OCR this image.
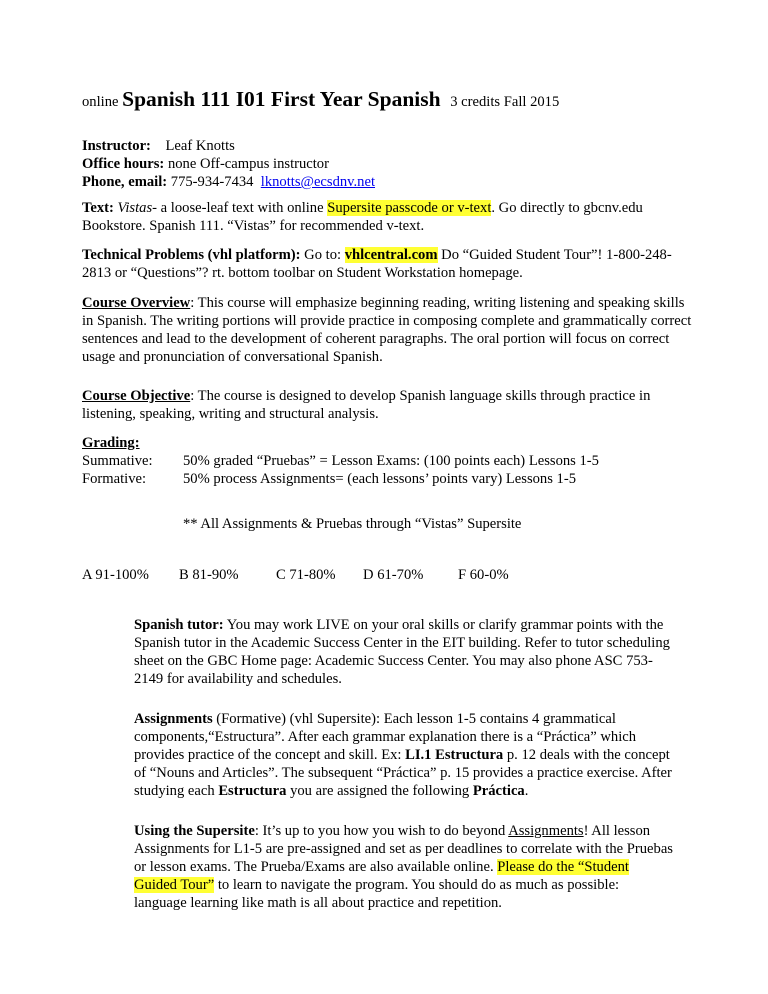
online Spanish 111 I01 First Year Spanish 3 credits Fall 2015

Instructor: Leaf Knotts

Office hours: none Off-campus instructor

Phone, email: 775-934-7434 lknotts@ecsdnv.net

Text: Vistas- a loose-leaf text with online Supersite passcode or v-text. Go directly to gbcnv.edu Bookstore. Spanish 111. “Vistas” for recommended v-text.

Technical Problems (vhl platform): Go to: vhlcentral.com Do “Guided Student Tour”! 1-800-248-2813 or “Questions”? rt. bottom toolbar on Student Workstation homepage.

Course Overview: This course will emphasize beginning reading, writing listening and speaking skills in Spanish. The writing portions will provide practice in composing complete and grammatically correct sentences and lead to the development of coherent paragraphs. The oral portion will focus on correct usage and pronunciation of conversational Spanish.

Course Objective: The course is designed to develop Spanish language skills through practice in listening, speaking, writing and structural analysis.

Grading:

Summative:	50% graded “Pruebas” = Lesson Exams: (100 points each) Lessons 1-5
Formative:	50% process Assignments= (each lessons’ points vary) Lessons 1-5

** All Assignments & Pruebas through “Vistas” Supersite

A 91-100% B 81-90%	C 71-80% D 61-70% F 60-0%

Spanish tutor: You may work LIVE on your oral skills or clarify grammar points with the Spanish tutor in the Academic Success Center in the EIT building. Refer to tutor scheduling sheet on the GBC Home page: Academic Success Center. You may also phone ASC 753-2149 for availability and schedules.

Assignments (Formative) (vhl Supersite): Each lesson 1-5 contains 4 grammatical components,“Estructura”. After each grammar explanation there is a “Práctica” which provides practice of the concept and skill. Ex: LI.1 Estructura p. 12 deals with the concept of “Nouns and Articles”. The subsequent “Práctica” p. 15 provides a practice exercise. After studying each Estructura you are assigned the following Práctica.

Using the Supersite: It’s up to you how you wish to do beyond Assignments! All lesson Assignments for L1-5 are pre-assigned and set as per deadlines to correlate with the Pruebas or lesson exams. The Prueba/Exams are also available online. Please do the “Student Guided Tour” to learn to navigate the program. You should do as much as possible: language learning like math is all about practice and repetition.
